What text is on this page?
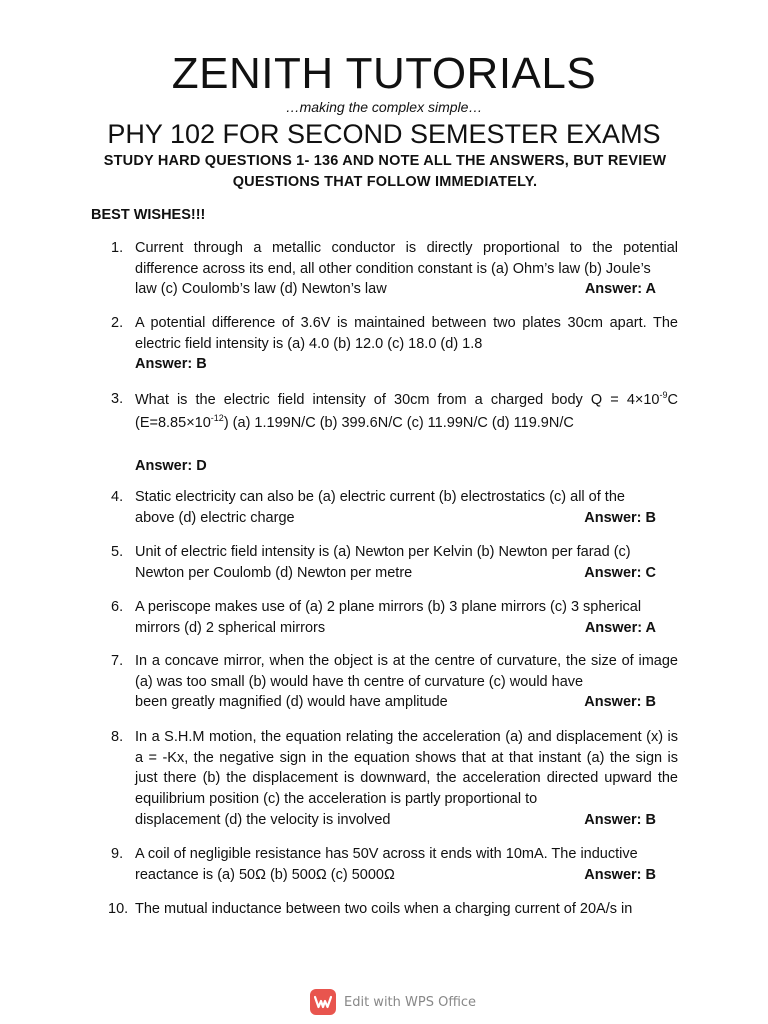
ZENITH TUTORIALS
…making the complex simple…
PHY 102 FOR SECOND SEMESTER EXAMS
STUDY HARD QUESTIONS 1- 136 AND NOTE ALL THE ANSWERS, BUT REVIEW QUESTIONS THAT FOLLOW IMMEDIATELY.
BEST WISHES!!!
1. Current through a metallic conductor is directly proportional to the potential difference across its end, all other condition constant is (a) Ohm’s law (b) Joule’s
law (c) Coulomb’s law (d) Newton’s law	Answer: A
2. A potential difference of 3.6V is maintained between two plates 30cm apart. The electric field intensity is (a) 4.0 (b) 12.0 (c) 18.0 (d) 1.8
Answer: B
3. What is the electric field intensity of 30cm from a charged body $Q = 4\times 10^{-9}C$ $(E=8.85\times 10^{-12})$ (a) 1.199N/C (b) 399.6N/C (c) 11.99N/C (d) 119.9N/C
Answer: D
4. Static electricity can also be (a) electric current (b) electrostatics (c) all of the
above (d) electric charge	Answer: B
5. Unit of electric field intensity is (a) Newton per Kelvin (b) Newton per farad (c)
Newton per Coulomb (d) Newton per metre	Answer: C
6. A periscope makes use of (a) 2 plane mirrors (b) 3 plane mirrors (c) 3 spherical
mirrors (d) 2 spherical mirrors	Answer: A
7. In a concave mirror, when the object is at the centre of curvature, the size of image (a) was too small (b) would have th centre of curvature (c) would have
been greatly magnified (d) would have amplitude	Answer: B
8. In a S.H.M motion, the equation relating the acceleration (a) and displacement (x) is a = -Kx, the negative sign in the equation shows that at that instant (a) the sign is just there (b) the displacement is downward, the acceleration directed upward the equilibrium position (c) the acceleration is partly proportional to
displacement (d) the velocity is involved	Answer: B
9. A coil of negligible resistance has 50V across it ends with 10mA. The inductive
reactance is (a) 50Ω (b) 500Ω (c) 5000Ω	Answer: B
10. The mutual inductance between two coils when a charging current of 20A/s in
Edit with WPS Office
